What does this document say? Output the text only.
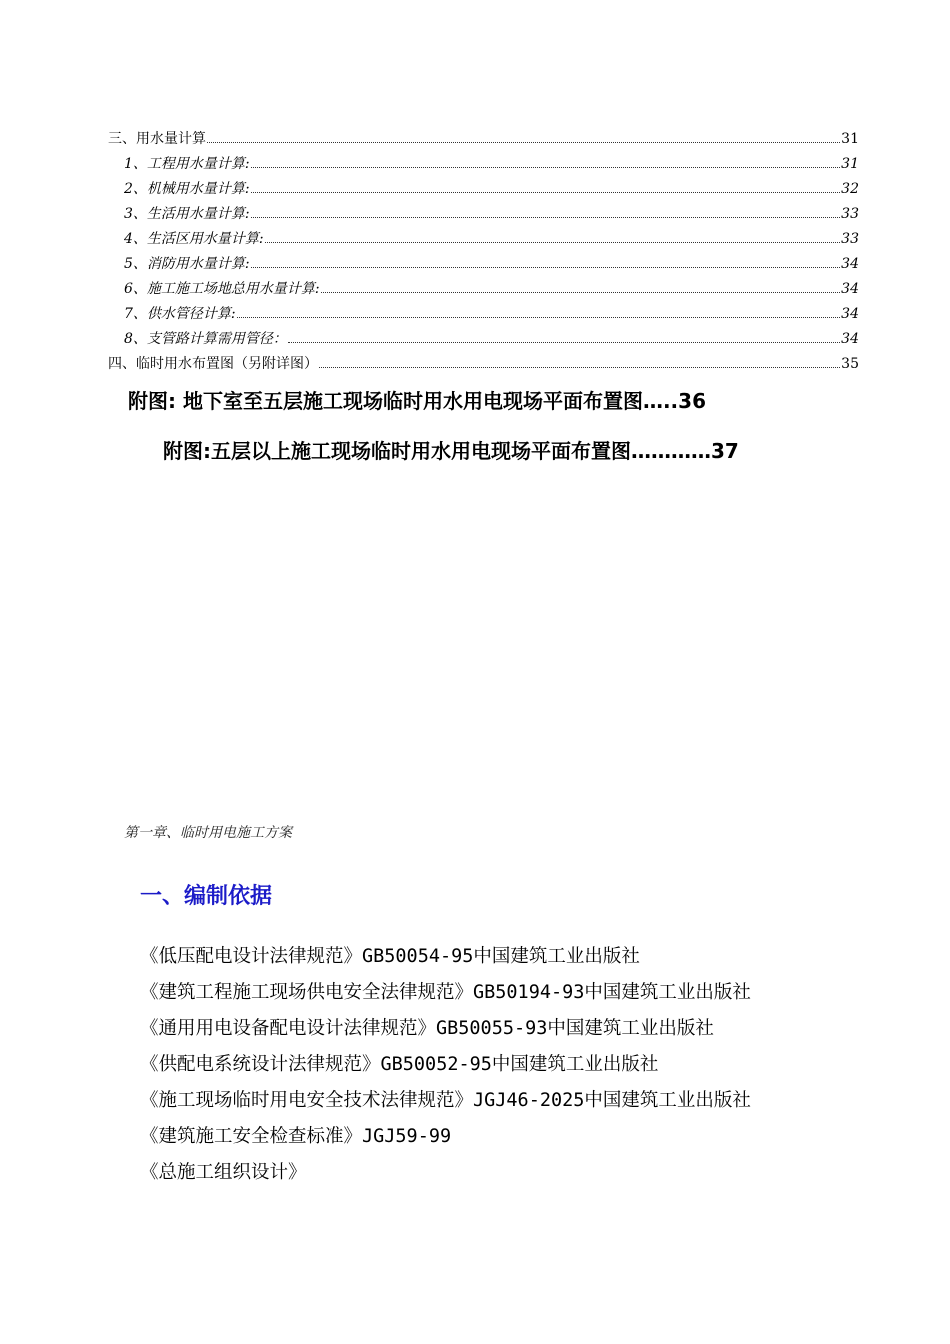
三、用水量计算	31
1、工程用水量计算:	31
2、机械用水量计算:	32
3、生活用水量计算:	33
4、生活区用水量计算:	33
5、消防用水量计算:	34
6、施工施工场地总用水量计算:	34
7、供水管径计算:	34
8、支管路计算需用管径：	34
四、临时用水布置图（另附详图）	35
附图: 地下室至五层施工现场临时用水用电现场平面布置图…..36
附图:五层以上施工现场临时用水用电现场平面布置图…………37
第一章、临时用电施工方案
一、编制依据
《低压配电设计法律规范》GB50054-95中国建筑工业出版社
《建筑工程施工现场供电安全法律规范》GB50194-93中国建筑工业出版社
《通用用电设备配电设计法律规范》GB50055-93中国建筑工业出版社
《供配电系统设计法律规范》GB50052-95中国建筑工业出版社
《施工现场临时用电安全技术法律规范》JGJ46-2025中国建筑工业出版社
《建筑施工安全检查标准》JGJ59-99
《总施工组织设计》
